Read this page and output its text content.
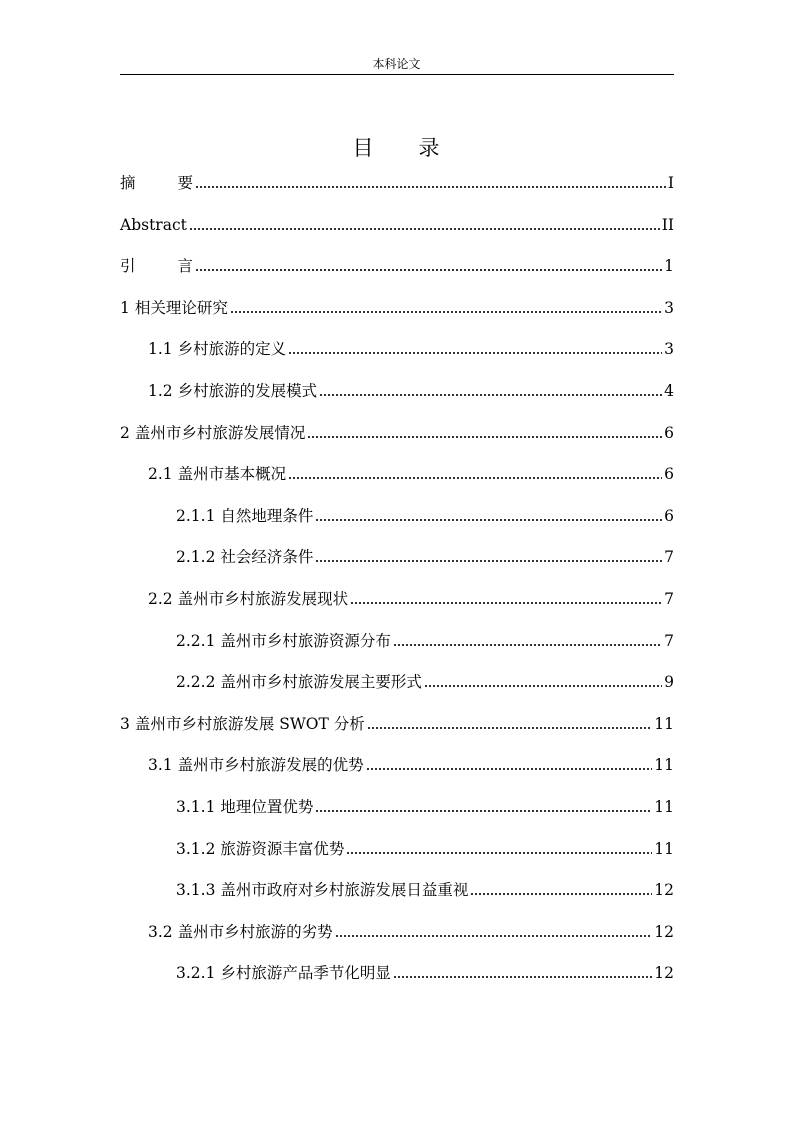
本科论文
目 录
摘	要	I
Abstract	II
引	言	1
1 相关理论研究	3
1.1 乡村旅游的定义	3
1.2 乡村旅游的发展模式	4
2 盖州市乡村旅游发展情况	6
2.1 盖州市基本概况	6
2.1.1 自然地理条件	6
2.1.2 社会经济条件	7
2.2 盖州市乡村旅游发展现状	7
2.2.1 盖州市乡村旅游资源分布	7
2.2.2 盖州市乡村旅游发展主要形式	9
3 盖州市乡村旅游发展 SWOT 分析	11
3.1 盖州市乡村旅游发展的优势	11
3.1.1 地理位置优势	11
3.1.2 旅游资源丰富优势	11
3.1.3 盖州市政府对乡村旅游发展日益重视	12
3.2 盖州市乡村旅游的劣势	12
3.2.1 乡村旅游产品季节化明显	12
